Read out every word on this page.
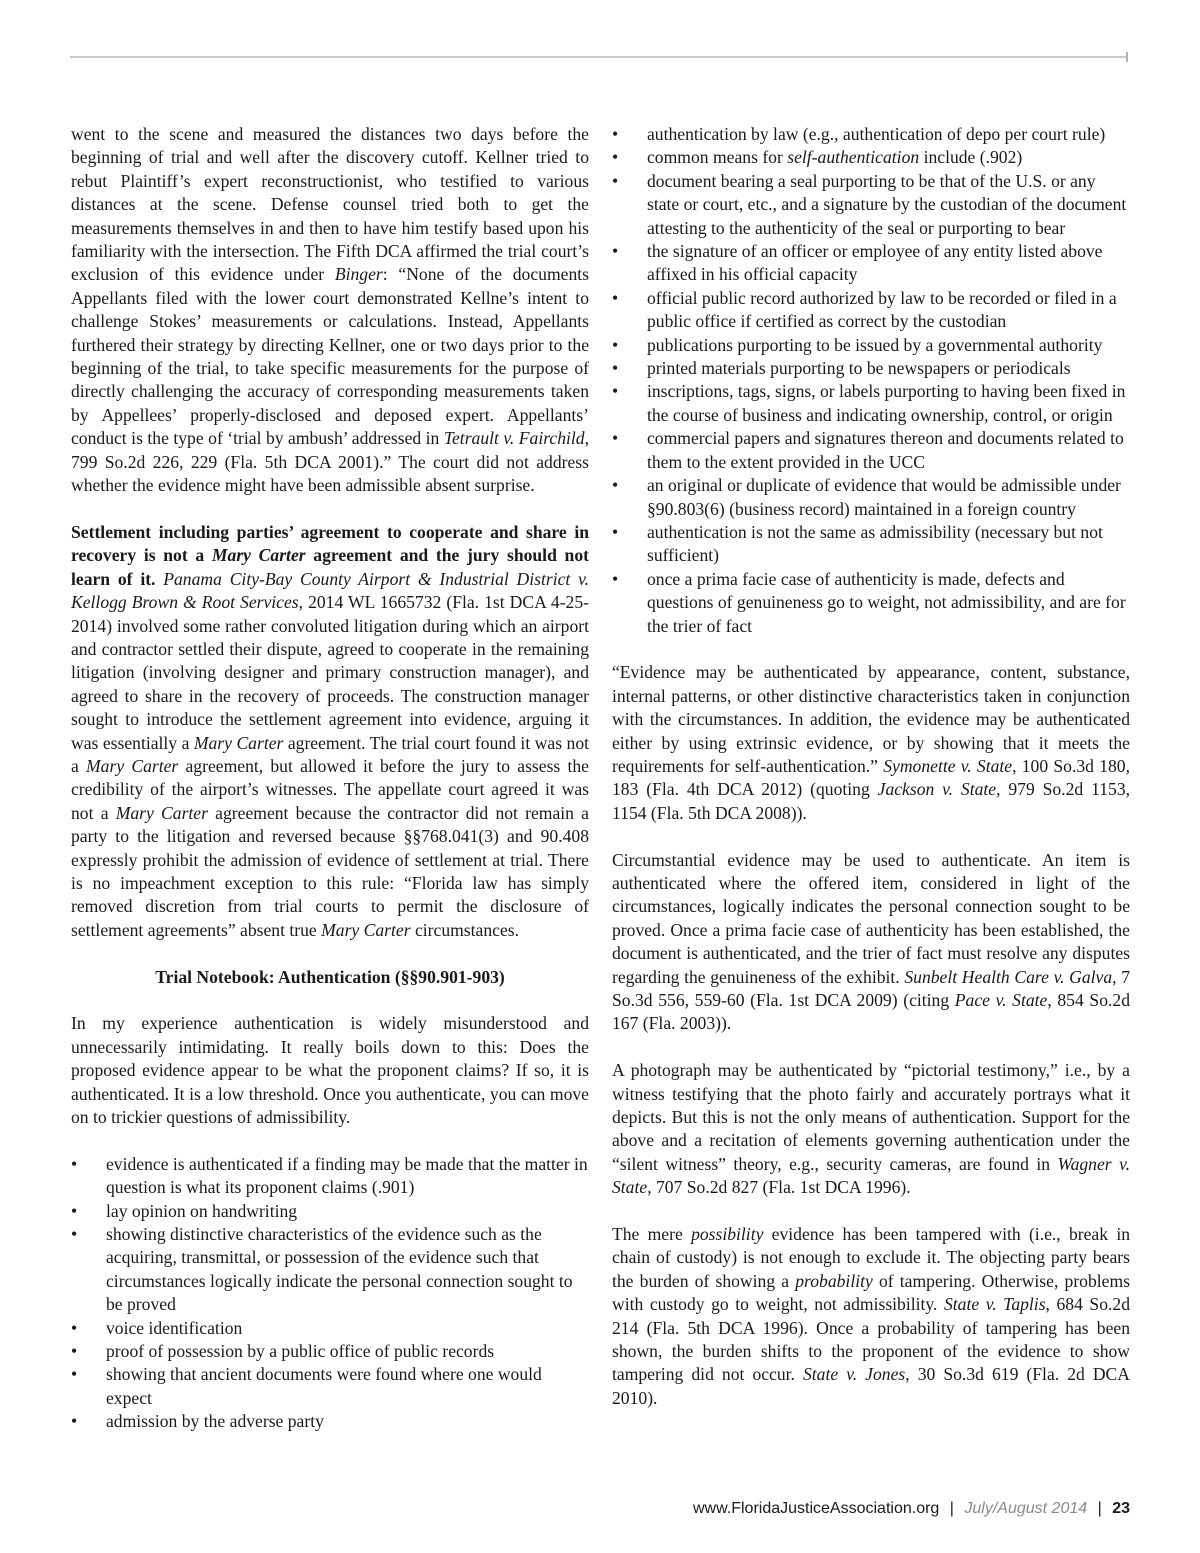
went to the scene and measured the distances two days before the beginning of trial and well after the discovery cutoff. Kellner tried to rebut Plaintiff’s expert reconstructionist, who testified to various distances at the scene. Defense counsel tried both to get the measurements themselves in and then to have him testify based upon his familiarity with the intersection. The Fifth DCA affirmed the trial court’s exclusion of this evidence under Binger: “None of the documents Appellants filed with the lower court demonstrated Kellne’s intent to challenge Stokes’ measurements or calculations. Instead, Appellants furthered their strategy by directing Kellner, one or two days prior to the beginning of the trial, to take specific measurements for the purpose of directly challenging the accuracy of corresponding measurements taken by Appellees’ properly-disclosed and deposed expert. Appellants’ conduct is the type of ‘trial by ambush’ addressed in Tetrault v. Fairchild, 799 So.2d 226, 229 (Fla. 5th DCA 2001).” The court did not address whether the evidence might have been admissible absent surprise.

Settlement including parties’ agreement to cooperate and share in recovery is not a Mary Carter agreement and the jury should not learn of it. Panama City-Bay County Airport & Industrial District v. Kellogg Brown & Root Services, 2014 WL 1665732 (Fla. 1st DCA 4-25-2014) involved some rather convoluted litigation during which an airport and contractor settled their dispute, agreed to cooperate in the remaining litigation (involving designer and primary construction manager), and agreed to share in the recovery of proceeds. The construction manager sought to introduce the settlement agreement into evidence, arguing it was essentially a Mary Carter agreement. The trial court found it was not a Mary Carter agreement, but allowed it before the jury to assess the credibility of the airport’s witnesses. The appellate court agreed it was not a Mary Carter agreement because the contractor did not remain a party to the litigation and reversed because §§768.041(3) and 90.408 expressly prohibit the admission of evidence of settlement at trial. There is no impeachment exception to this rule: “Florida law has simply removed discretion from trial courts to permit the disclosure of settlement agreements” absent true Mary Carter circumstances.

Trial Notebook: Authentication (§§90.901-903)

In my experience authentication is widely misunderstood and unnecessarily intimidating. It really boils down to this: Does the proposed evidence appear to be what the proponent claims? If so, it is authenticated. It is a low threshold. Once you authenticate, you can move on to trickier questions of admissibility.

• evidence is authenticated if a finding may be made that the matter in question is what its proponent claims (.901)
• lay opinion on handwriting
• showing distinctive characteristics of the evidence such as the acquiring, transmittal, or possession of the evidence such that circumstances logically indicate the personal connection sought to be proved
• voice identification
• proof of possession by a public office of public records
• showing that ancient documents were found where one would expect
• admission by the adverse party
• authentication by law (e.g., authentication of depo per court rule)
• common means for self-authentication include (.902)
• document bearing a seal purporting to be that of the U.S. or any state or court, etc., and a signature by the custodian of the document attesting to the authenticity of the seal or purporting to bear
• the signature of an officer or employee of any entity listed above affixed in his official capacity
• official public record authorized by law to be recorded or filed in a public office if certified as correct by the custodian
• publications purporting to be issued by a governmental authority
• printed materials purporting to be newspapers or periodicals
• inscriptions, tags, signs, or labels purporting to having been fixed in the course of business and indicating ownership, control, or origin
• commercial papers and signatures thereon and documents related to them to the extent provided in the UCC
• an original or duplicate of evidence that would be admissible under §90.803(6) (business record) maintained in a foreign country
• authentication is not the same as admissibility (necessary but not sufficient)
• once a prima facie case of authenticity is made, defects and questions of genuineness go to weight, not admissibility, and are for the trier of fact

“Evidence may be authenticated by appearance, content, substance, internal patterns, or other distinctive characteristics taken in conjunction with the circumstances. In addition, the evidence may be authenticated either by using extrinsic evidence, or by showing that it meets the requirements for self-authentication.” Symonette v. State, 100 So.3d 180, 183 (Fla. 4th DCA 2012) (quoting Jackson v. State, 979 So.2d 1153, 1154 (Fla. 5th DCA 2008)).

Circumstantial evidence may be used to authenticate. An item is authenticated where the offered item, considered in light of the circumstances, logically indicates the personal connection sought to be proved. Once a prima facie case of authenticity has been established, the document is authenticated, and the trier of fact must resolve any disputes regarding the genuineness of the exhibit. Sunbelt Health Care v. Galva, 7 So.3d 556, 559-60 (Fla. 1st DCA 2009) (citing Pace v. State, 854 So.2d 167 (Fla. 2003)).

A photograph may be authenticated by “pictorial testimony,” i.e., by a witness testifying that the photo fairly and accurately portrays what it depicts. But this is not the only means of authentication. Support for the above and a recitation of elements governing authentication under the “silent witness” theory, e.g., security cameras, are found in Wagner v. State, 707 So.2d 827 (Fla. 1st DCA 1996).

The mere possibility evidence has been tampered with (i.e., break in chain of custody) is not enough to exclude it. The objecting party bears the burden of showing a probability of tampering. Otherwise, problems with custody go to weight, not admissibility. State v. Taplis, 684 So.2d 214 (Fla. 5th DCA 1996). Once a probability of tampering has been shown, the burden shifts to the proponent of the evidence to show tampering did not occur. State v. Jones, 30 So.3d 619 (Fla. 2d DCA 2010).

www.FloridaJusticeAssociation.org | July/August 2014 | 23
